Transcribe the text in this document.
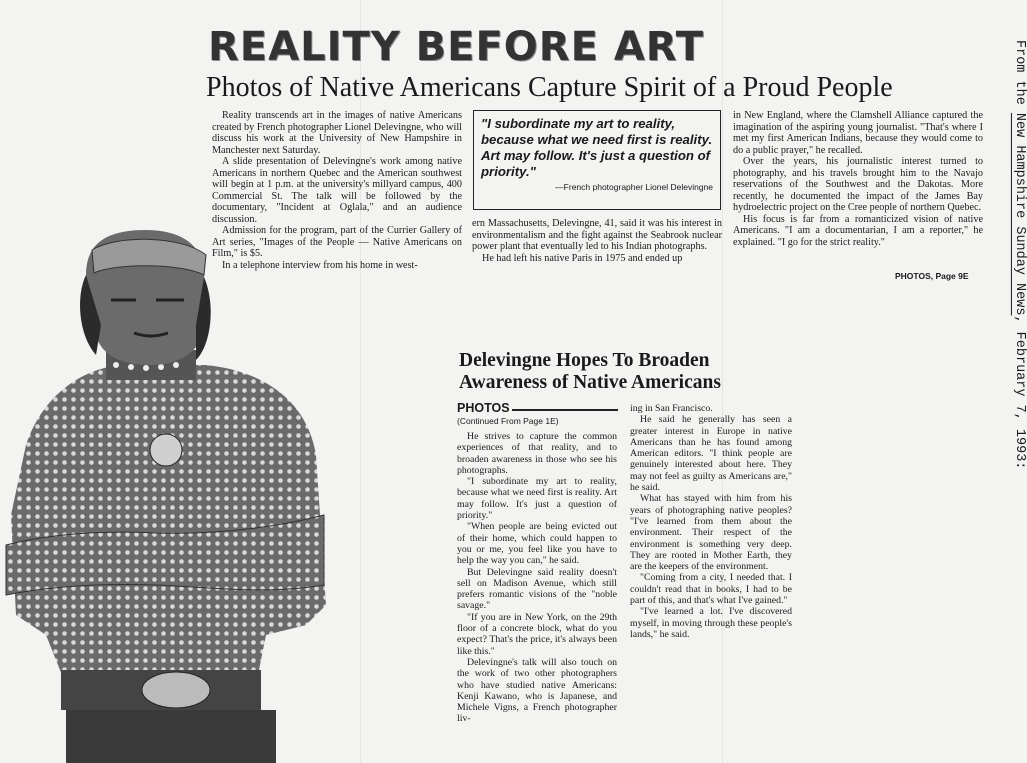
REALITY BEFORE ART
Photos of Native Americans Capture Spirit of a Proud People

Reality transcends art in the images of native Americans created by French photographer Lionel Delevingne, who will discuss his work at the University of New Hampshire in Manchester next Saturday.

A slide presentation of Delevingne's work among native Americans in northern Quebec and the American southwest will begin at 1 p.m. at the university's millyard campus, 400 Commercial St. The talk will be followed by the documentary, "Incident at Oglala," and an audience discussion.

Admission for the program, part of the Currier Gallery of Art series, "Images of the People — Native Americans on Film," is $5.

In a telephone interview from his home in west-

"I subordinate my art to reality, because what we need first is reality. Art may follow. It's just a question of priority."
—French photographer Lionel Delevingne

ern Massachusetts, Delevingne, 41, said it was his interest in environmentalism and the fight against the Seabrook nuclear power plant that eventually led to his Indian photographs.

He had left his native Paris in 1975 and ended up

in New England, where the Clamshell Alliance captured the imagination of the aspiring young journalist. "That's where I met my first American Indians, because they would come to do a public prayer," he recalled.

Over the years, his journalistic interest turned to photography, and his travels brought him to the Navajo reservations of the Southwest and the Dakotas. More recently, he documented the impact of the James Bay hydroelectric project on the Cree people of northern Quebec.

His focus is far from a romanticized vision of native Americans. "I am a documentarian, I am a reporter," he explained. "I go for the strict reality."

PHOTOS, Page 9E
Delevingne Hopes To Broaden Awareness of Native Americans
PHOTOS
(Continued From Page 1E)

He strives to capture the common experiences of that reality, and to broaden awareness in those who see his photographs.

"I subordinate my art to reality, because what we need first is reality. Art may follow. It's just a question of priority."

"When people are being evicted out of their home, which could happen to you or me, you feel like you have to help the way you can," he said.

But Delevingne said reality doesn't sell on Madison Avenue, which still prefers romantic visions of the "noble savage."

"If you are in New York, on the 29th floor of a concrete block, what do you expect? That's the price, it's always been like this."

Delevingne's talk will also touch on the work of two other photographers who have studied native Americans: Kenji Kawano, who is Japanese, and Michele Vigns, a French photographer liv-

ing in San Francisco.

He said he generally has seen a greater interest in Europe in native Americans than he has found among American editors. "I think people are genuinely interested about here. They may not feel as guilty as Americans are," he said.

What has stayed with him from his years of photographing native peoples? "I've learned from them about the environment. Their respect of the environment is something very deep. They are rooted in Mother Earth, they are the keepers of the environment.

"Coming from a city, I needed that. I couldn't read that in books, I had to be part of this, and that's what I've gained."

"I've learned a lot. I've discovered myself, in moving through these people's lands," he said.

From the New Hampshire Sunday News, February 7, 1993:
